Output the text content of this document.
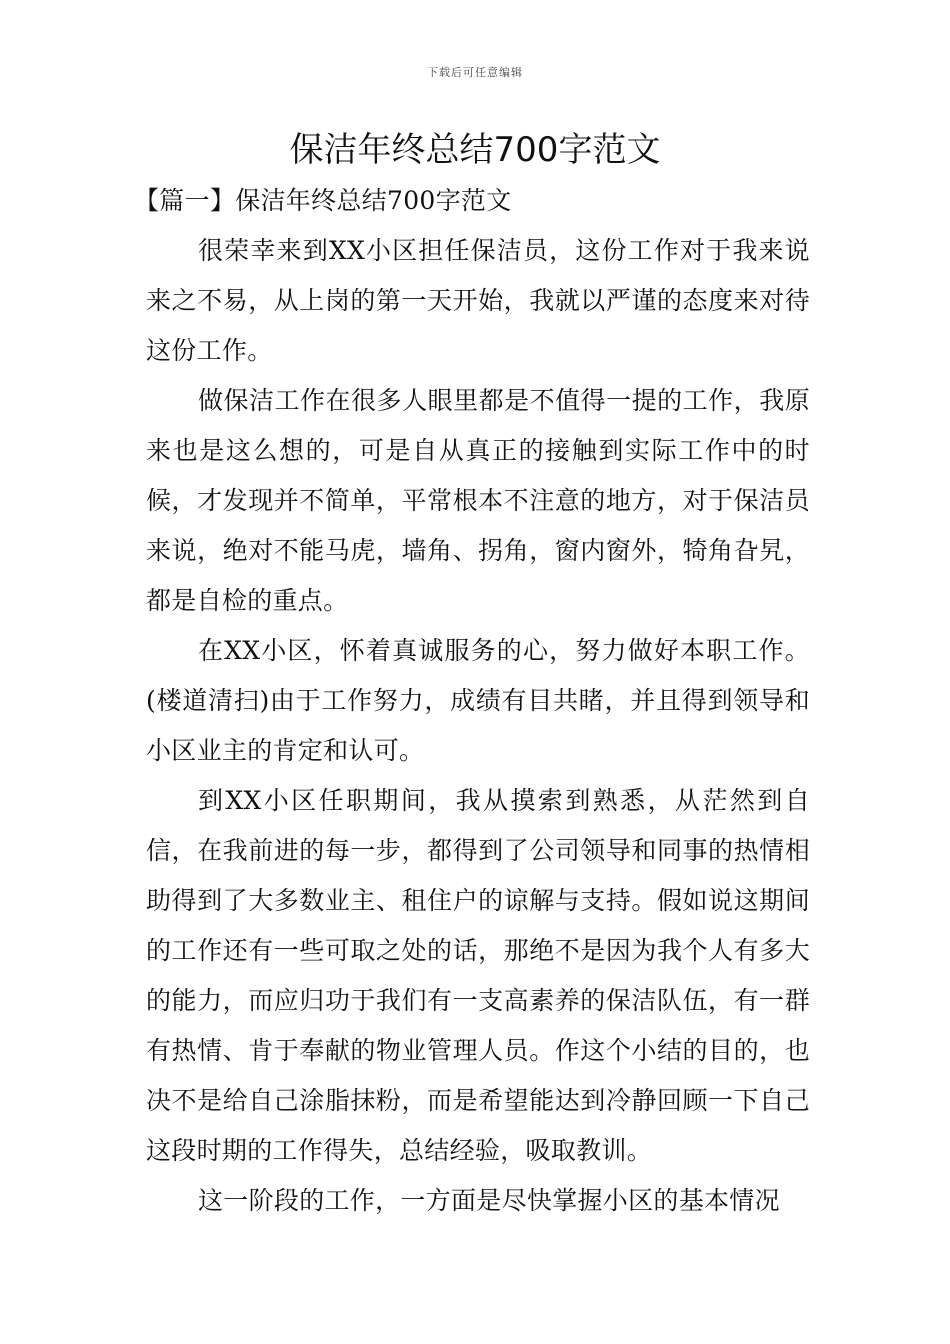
下载后可任意编辑
保洁年终总结700字范文

【篇一】保洁年终总结700字范文

很荣幸来到XX小区担任保洁员，这份工作对于我来说来之不易，从上岗的第一天开始，我就以严谨的态度来对待这份工作。

做保洁工作在很多人眼里都是不值得一提的工作，我原来也是这么想的，可是自从真正的接触到实际工作中的时候，才发现并不简单，平常根本不注意的地方，对于保洁员来说，绝对不能马虎，墙角、拐角，窗内窗外，犄角旮旯，都是自检的重点。

在XX小区，怀着真诚服务的心，努力做好本职工作。(楼道清扫)由于工作努力，成绩有目共睹，并且得到领导和小区业主的肯定和认可。

到XX小区任职期间，我从摸索到熟悉，从茫然到自信，在我前进的每一步，都得到了公司领导和同事的热情相助得到了大多数业主、租住户的谅解与支持。假如说这期间的工作还有一些可取之处的话，那绝不是因为我个人有多大的能力，而应归功于我们有一支高素养的保洁队伍，有一群有热情、肯于奉献的物业管理人员。作这个小结的目的，也决不是给自己涂脂抹粉，而是希望能达到冷静回顾一下自己这段时期的工作得失，总结经验，吸取教训。

这一阶段的工作，一方面是尽快掌握小区的基本情况
